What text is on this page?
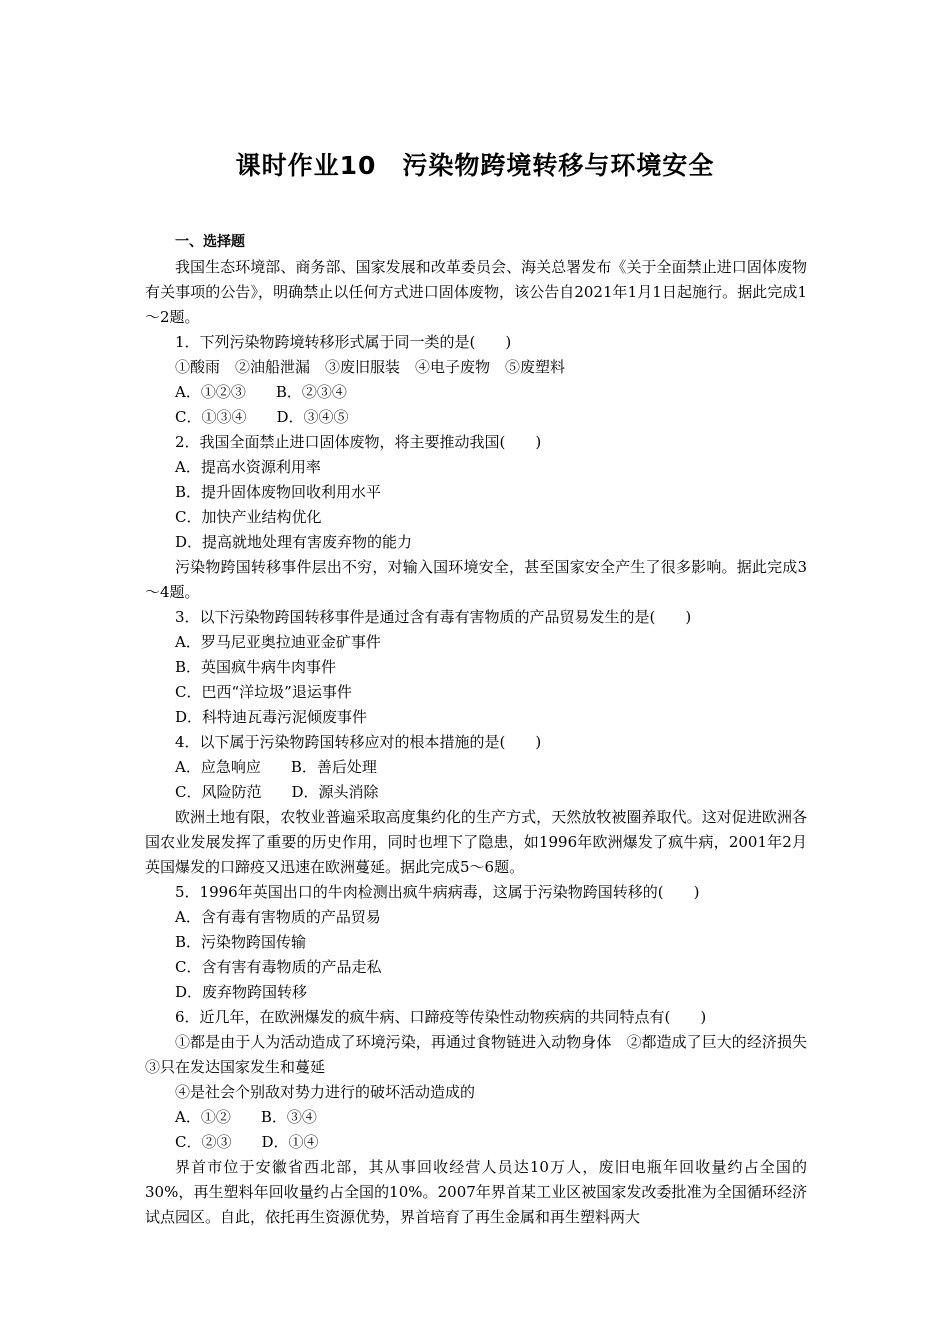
课时作业10　污染物跨境转移与环境安全

一、选择题

我国生态环境部、商务部、国家发展和改革委员会、海关总署发布《关于全面禁止进口固体废物有关事项的公告》，明确禁止以任何方式进口固体废物，该公告自2021年1月1日起施行。据此完成1～2题。

1．下列污染物跨境转移形式属于同一类的是(　　)

①酸雨　②油船泄漏　③废旧服装　④电子废物　⑤废塑料

A．①②③　　B．②③④

C．①③④　　D．③④⑤

2．我国全面禁止进口固体废物，将主要推动我国(　　)

A．提高水资源利用率

B．提升固体废物回收利用水平

C．加快产业结构优化

D．提高就地处理有害废弃物的能力

污染物跨国转移事件层出不穷，对输入国环境安全，甚至国家安全产生了很多影响。据此完成3～4题。

3．以下污染物跨国转移事件是通过含有毒有害物质的产品贸易发生的是(　　)

A．罗马尼亚奥拉迪亚金矿事件

B．英国疯牛病牛肉事件

C．巴西“洋垃圾”退运事件

D．科特迪瓦毒污泥倾废事件

4．以下属于污染物跨国转移应对的根本措施的是(　　)

A．应急响应　　B．善后处理

C．风险防范　　D．源头消除

欧洲土地有限，农牧业普遍采取高度集约化的生产方式，天然放牧被圈养取代。这对促进欧洲各国农业发展发挥了重要的历史作用，同时也埋下了隐患，如1996年欧洲爆发了疯牛病，2001年2月英国爆发的口蹄疫又迅速在欧洲蔓延。据此完成5～6题。

5．1996年英国出口的牛肉检测出疯牛病病毒，这属于污染物跨国转移的(　　)

A．含有毒有害物质的产品贸易

B．污染物跨国传输

C．含有害有毒物质的产品走私

D．废弃物跨国转移

6．近几年，在欧洲爆发的疯牛病、口蹄疫等传染性动物疾病的共同特点有(　　)

①都是由于人为活动造成了环境污染，再通过食物链进入动物身体　②都造成了巨大的经济损失　③只在发达国家发生和蔓延

④是社会个别敌对势力进行的破坏活动造成的

A．①②　　B．③④

C．②③　　D．①④

界首市位于安徽省西北部，其从事回收经营人员达10万人，废旧电瓶年回收量约占全国的30%，再生塑料年回收量约占全国的10%。2007年界首某工业区被国家发改委批准为全国循环经济试点园区。自此，依托再生资源优势，界首培育了再生金属和再生塑料两大
